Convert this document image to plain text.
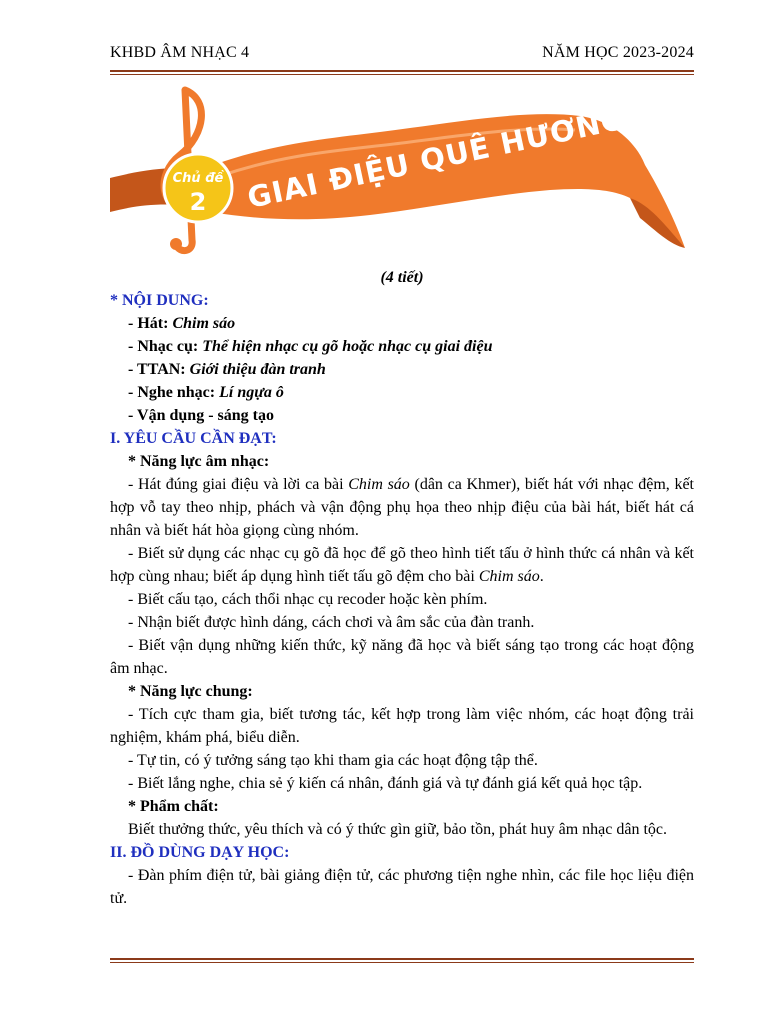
KHBD ÂM NHẠC 4	NĂM HỌC 2023-2024
Chủ đề
2 GIAI ĐIỆU QUÊ HƯƠNG
(4 tiết)
* NỘI DUNG:
- Hát: Chim sáo
- Nhạc cụ: Thể hiện nhạc cụ gõ hoặc nhạc cụ giai điệu
- TTAN: Giới thiệu đàn tranh
- Nghe nhạc: Lí ngựa ô
- Vận dụng - sáng tạo
I. YÊU CẦU CẦN ĐẠT:
* Năng lực âm nhạc:
- Hát đúng giai điệu và lời ca bài Chim sáo (dân ca Khmer), biết hát với nhạc đệm, kết hợp vỗ tay theo nhịp, phách và vận động phụ họa theo nhịp điệu của bài hát, biết hát cá nhân và biết hát hòa giọng cùng nhóm.
- Biết sử dụng các nhạc cụ gõ đã học để gõ theo hình tiết tấu ở hình thức cá nhân và kết hợp cùng nhau; biết áp dụng hình tiết tấu gõ đệm cho bài Chim sáo.
- Biết cấu tạo, cách thổi nhạc cụ recoder hoặc kèn phím.
- Nhận biết được hình dáng, cách chơi và âm sắc của đàn tranh.
- Biết vận dụng những kiến thức, kỹ năng đã học và biết sáng tạo trong các hoạt động âm nhạc.
* Năng lực chung:
- Tích cực tham gia, biết tương tác, kết hợp trong làm việc nhóm, các hoạt động trải nghiệm, khám phá, biểu diễn.
- Tự tin, có ý tưởng sáng tạo khi tham gia các hoạt động tập thể.
- Biết lắng nghe, chia sẻ ý kiến cá nhân, đánh giá và tự đánh giá kết quả học tập.
* Phẩm chất:
Biết thưởng thức, yêu thích và có ý thức gìn giữ, bảo tồn, phát huy âm nhạc dân tộc.
II. ĐỒ DÙNG DẠY HỌC:
- Đàn phím điện tử, bài giảng điện tử, các phương tiện nghe nhìn, các file học liệu điện tử.
